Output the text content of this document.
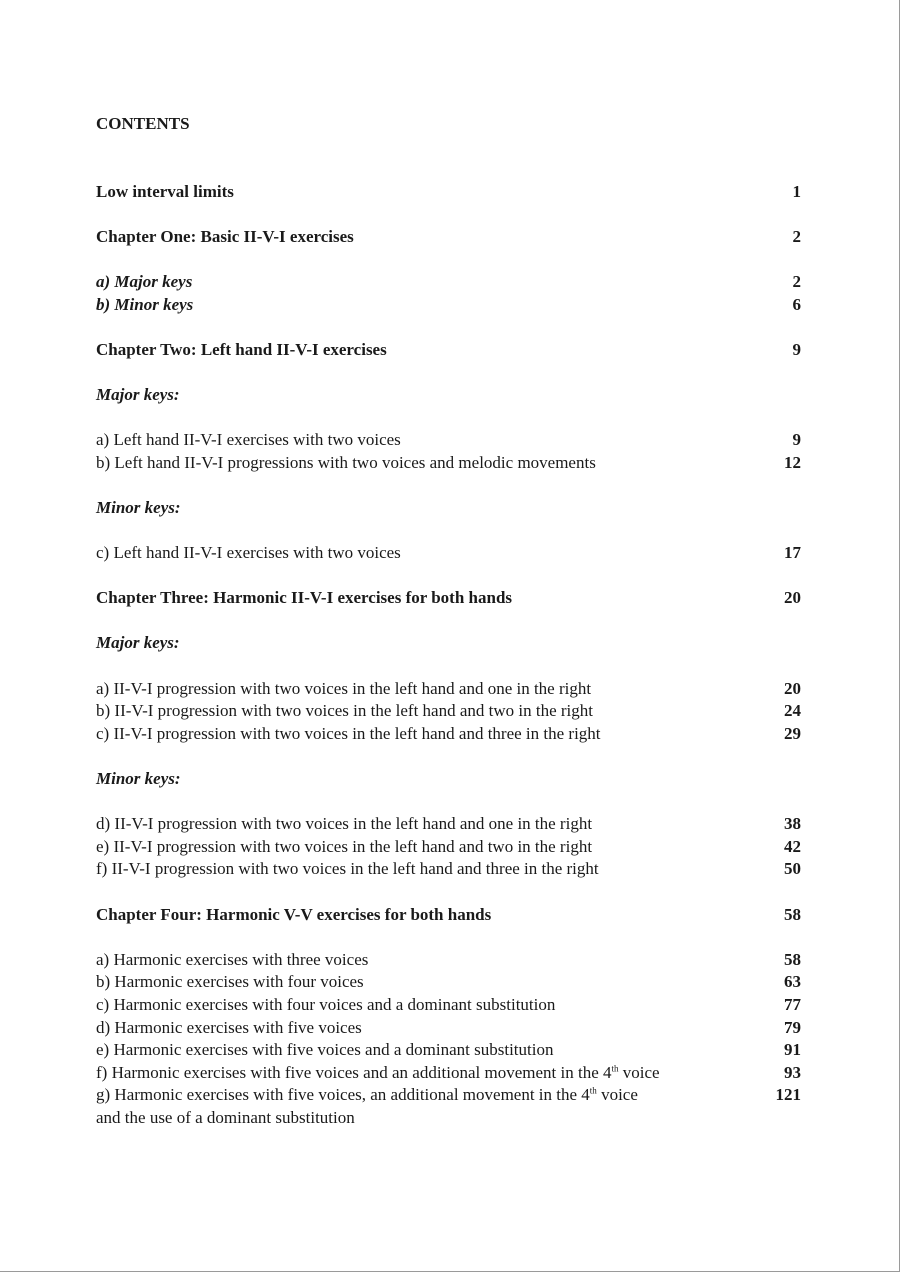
CONTENTS
Low interval limits	1
Chapter One: Basic II-V-I exercises	2
a) Major keys	2
b) Minor keys	6
Chapter Two: Left hand II-V-I exercises	9
Major keys:
a) Left hand II-V-I exercises with two voices	9
b) Left hand II-V-I progressions with two voices and melodic movements	12
Minor keys:
c) Left hand II-V-I exercises with two voices	17
Chapter Three: Harmonic II-V-I exercises for both hands	20
Major keys:
a) II-V-I progression with two voices in the left hand and one in the right	20
b) II-V-I progression with two voices in the left hand and two in the right	24
c) II-V-I progression with two voices in the left hand and three in the right	29
Minor keys:
d) II-V-I progression with two voices in the left hand and one in the right	38
e) II-V-I progression with two voices in the left hand and two in the right	42
f) II-V-I progression with two voices in the left hand and three in the right	50
Chapter Four: Harmonic V-V exercises for both hands	58
a) Harmonic exercises with three voices	58
b) Harmonic exercises with four voices	63
c) Harmonic exercises with four voices and a dominant substitution	77
d) Harmonic exercises with five voices	79
e) Harmonic exercises with five voices and a dominant substitution	91
f) Harmonic exercises with five voices and an additional movement in the 4th voice	93
g) Harmonic exercises with five voices, an additional movement in the 4th voice	121
and the use of a dominant substitution
